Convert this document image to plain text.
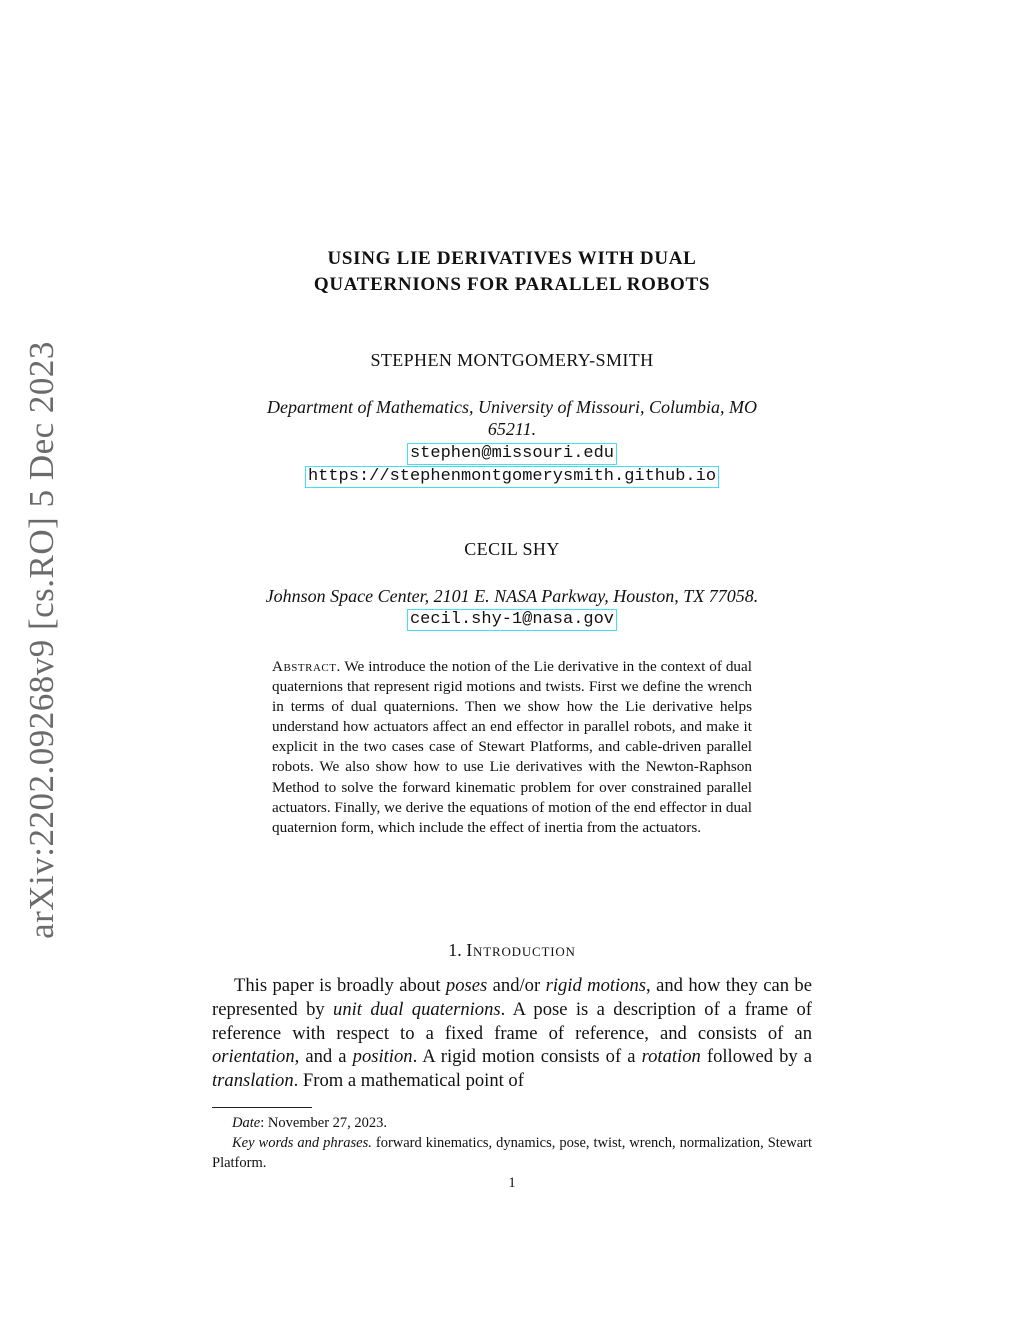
arXiv:2202.09268v9 [cs.RO] 5 Dec 2023
USING LIE DERIVATIVES WITH DUAL
QUATERNIONS FOR PARALLEL ROBOTS
STEPHEN MONTGOMERY-SMITH
Department of Mathematics, University of Missouri, Columbia, MO
65211.
stephen@missouri.edu
https://stephenmontgomerysmith.github.io
CECIL SHY
Johnson Space Center, 2101 E. NASA Parkway, Houston, TX 77058.
cecil.shy-1@nasa.gov
Abstract. We introduce the notion of the Lie derivative in the context of dual quaternions that represent rigid motions and twists. First we define the wrench in terms of dual quaternions. Then we show how the Lie derivative helps understand how actuators affect an end effector in parallel robots, and make it explicit in the two cases case of Stewart Platforms, and cable-driven parallel robots. We also show how to use Lie derivatives with the Newton-Raphson Method to solve the forward kinematic problem for over constrained parallel actuators. Finally, we derive the equations of motion of the end effector in dual quaternion form, which include the effect of inertia from the actuators.
1. Introduction

This paper is broadly about poses and/or rigid motions, and how they can be represented by unit dual quaternions. A pose is a description of a frame of reference with respect to a fixed frame of reference, and consists of an orientation, and a position. A rigid motion consists of a rotation followed by a translation. From a mathematical point of

Date: November 27, 2023.

Key words and phrases. forward kinematics, dynamics, pose, twist, wrench, normalization, Stewart Platform.

1
